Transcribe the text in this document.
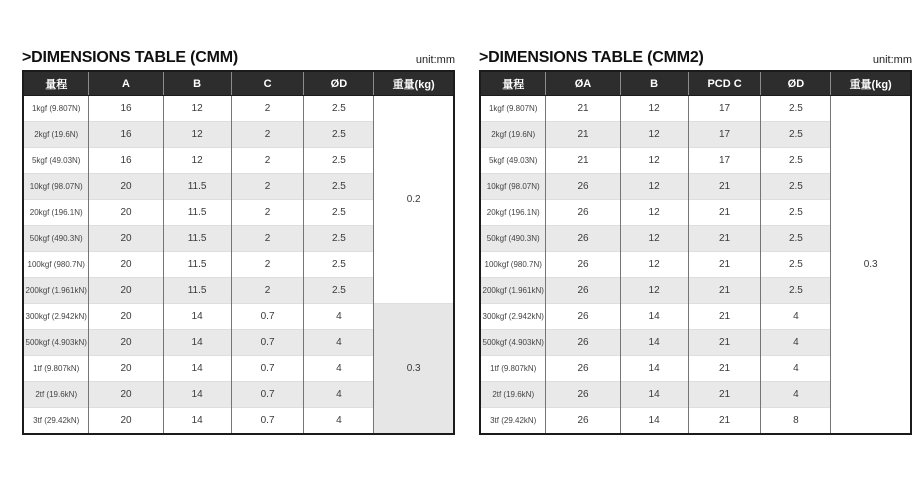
>DIMENSIONS TABLE (CMM)	unit:mm
量程	A	B	C	ØD	重量(kg)
1kgf (9.807N)	16	12	2	2.5	0.2
2kgf (19.6N)	16	12	2	2.5	
5kgf (49.03N)	16	12	2	2.5	
10kgf (98.07N)	20	11.5	2	2.5	
20kgf (196.1N)	20	11.5	2	2.5	
50kgf (490.3N)	20	11.5	2	2.5	
100kgf (980.7N)	20	11.5	2	2.5	
200kgf (1.961kN)	20	11.5	2	2.5	
300kgf (2.942kN)	20	14	0.7	4	0.3
500kgf (4.903kN)	20	14	0.7	4	
1tf (9.807kN)	20	14	0.7	4	
2tf (19.6kN)	20	14	0.7	4	
3tf (29.42kN)	20	14	0.7	4	
>DIMENSIONS TABLE (CMM2)	unit:mm
量程	ØA	B	PCD C	ØD	重量(kg)
1kgf (9.807N)	21	12	17	2.5	0.3
2kgf (19.6N)	21	12	17	2.5	
5kgf (49.03N)	21	12	17	2.5	
10kgf (98.07N)	26	12	21	2.5	
20kgf (196.1N)	26	12	21	2.5	
50kgf (490.3N)	26	12	21	2.5	
100kgf (980.7N)	26	12	21	2.5	
200kgf (1.961kN)	26	12	21	2.5	
300kgf (2.942kN)	26	14	21	4	
500kgf (4.903kN)	26	14	21	4	
1tf (9.807kN)	26	14	21	4	
2tf (19.6kN)	26	14	21	4	
3tf (29.42kN)	26	14	21	8	
